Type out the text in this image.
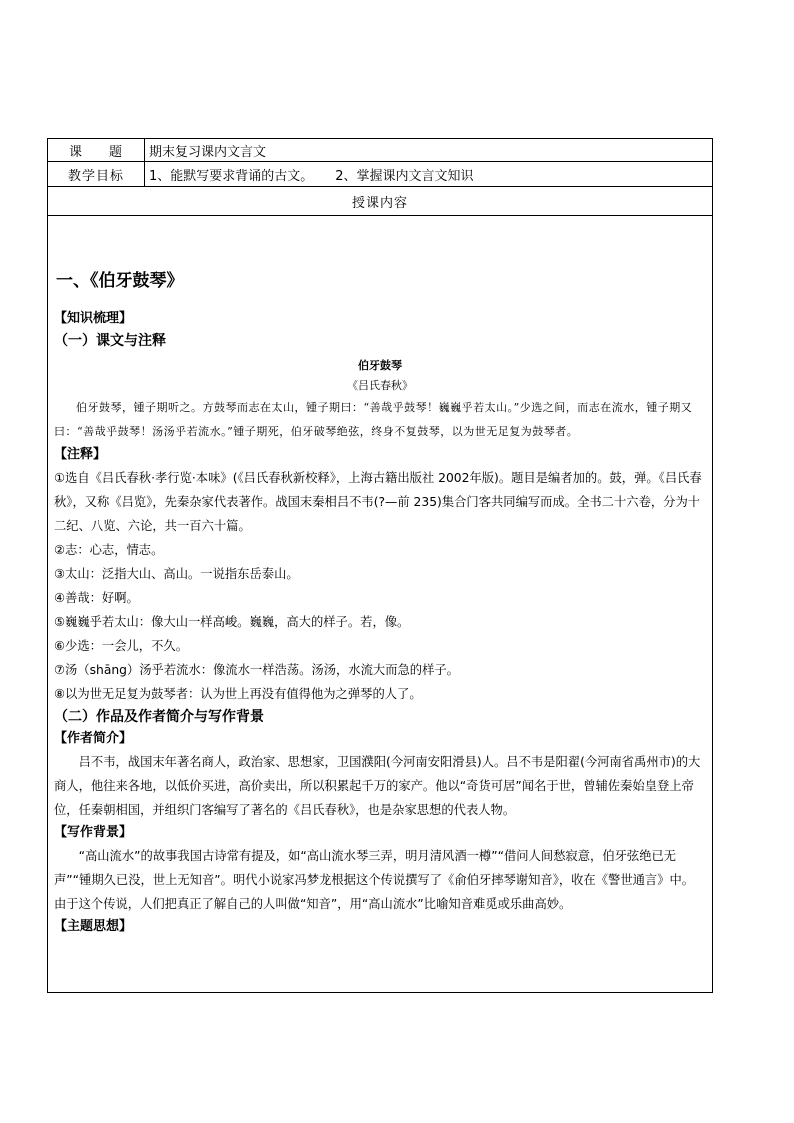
课 题	期末复习课内文言文
教学目标	1、能默写要求背诵的古文。 2、掌握课内文言文知识
授课内容	
一、《伯牙鼓琴》
【知识梳理】
（一）课文与注释
伯牙鼓琴
《吕氏春秋》

伯牙鼓琴，锺子期听之。方鼓琴而志在太山，锺子期曰：“善哉乎鼓琴！巍巍乎若太山。”少选之间，而志在流水，锺子期又曰：“善哉乎鼓琴！汤汤乎若流水。”锺子期死，伯牙破琴绝弦，终身不复鼓琴，以为世无足复为鼓琴者。

【注释】

①选自《吕氏春秋·孝行览·本味》(《吕氏春秋新校释》，上海古籍出版社 2002年版)。题目是编者加的。鼓，弹。《吕氏春秋》，又称《吕览》，先秦杂家代表著作。战国末秦相吕不韦(?—前 235)集合门客共同编写而成。全书二十六卷，分为十二纪、八览、六论，共一百六十篇。

②志：心志，情志。

③太山：泛指大山、高山。一说指东岳泰山。

④善哉：好啊。

⑤巍巍乎若太山：像大山一样高峻。巍巍，高大的样子。若，像。

⑥少选：一会儿，不久。

⑦汤（shāng）汤乎若流水：像流水一样浩荡。汤汤，水流大而急的样子。

⑧以为世无足复为鼓琴者：认为世上再没有值得他为之弹琴的人了。

（二）作品及作者简介与写作背景
【作者简介】

吕不韦，战国末年著名商人，政治家、思想家，卫国濮阳(今河南安阳滑县)人。吕不韦是阳翟(今河南省禹州市)的大商人，他往来各地，以低价买进，高价卖出，所以积累起千万的家产。他以“奇货可居”闻名于世，曾辅佐秦始皇登上帝位，任秦朝相国，并组织门客编写了著名的《吕氏春秋》，也是杂家思想的代表人物。

【写作背景】

“高山流水”的故事我国古诗常有提及，如“高山流水琴三弄，明月清风酒一樽”“借问人间愁寂意，伯牙弦绝已无声”“锺期久已没，世上无知音”。明代小说家冯梦龙根据这个传说撰写了《俞伯牙摔琴谢知音》，收在《警世通言》中。由于这个传说，人们把真正了解自己的人叫做“知音”，用“高山流水”比喻知音难觅或乐曲高妙。

【主题思想】
